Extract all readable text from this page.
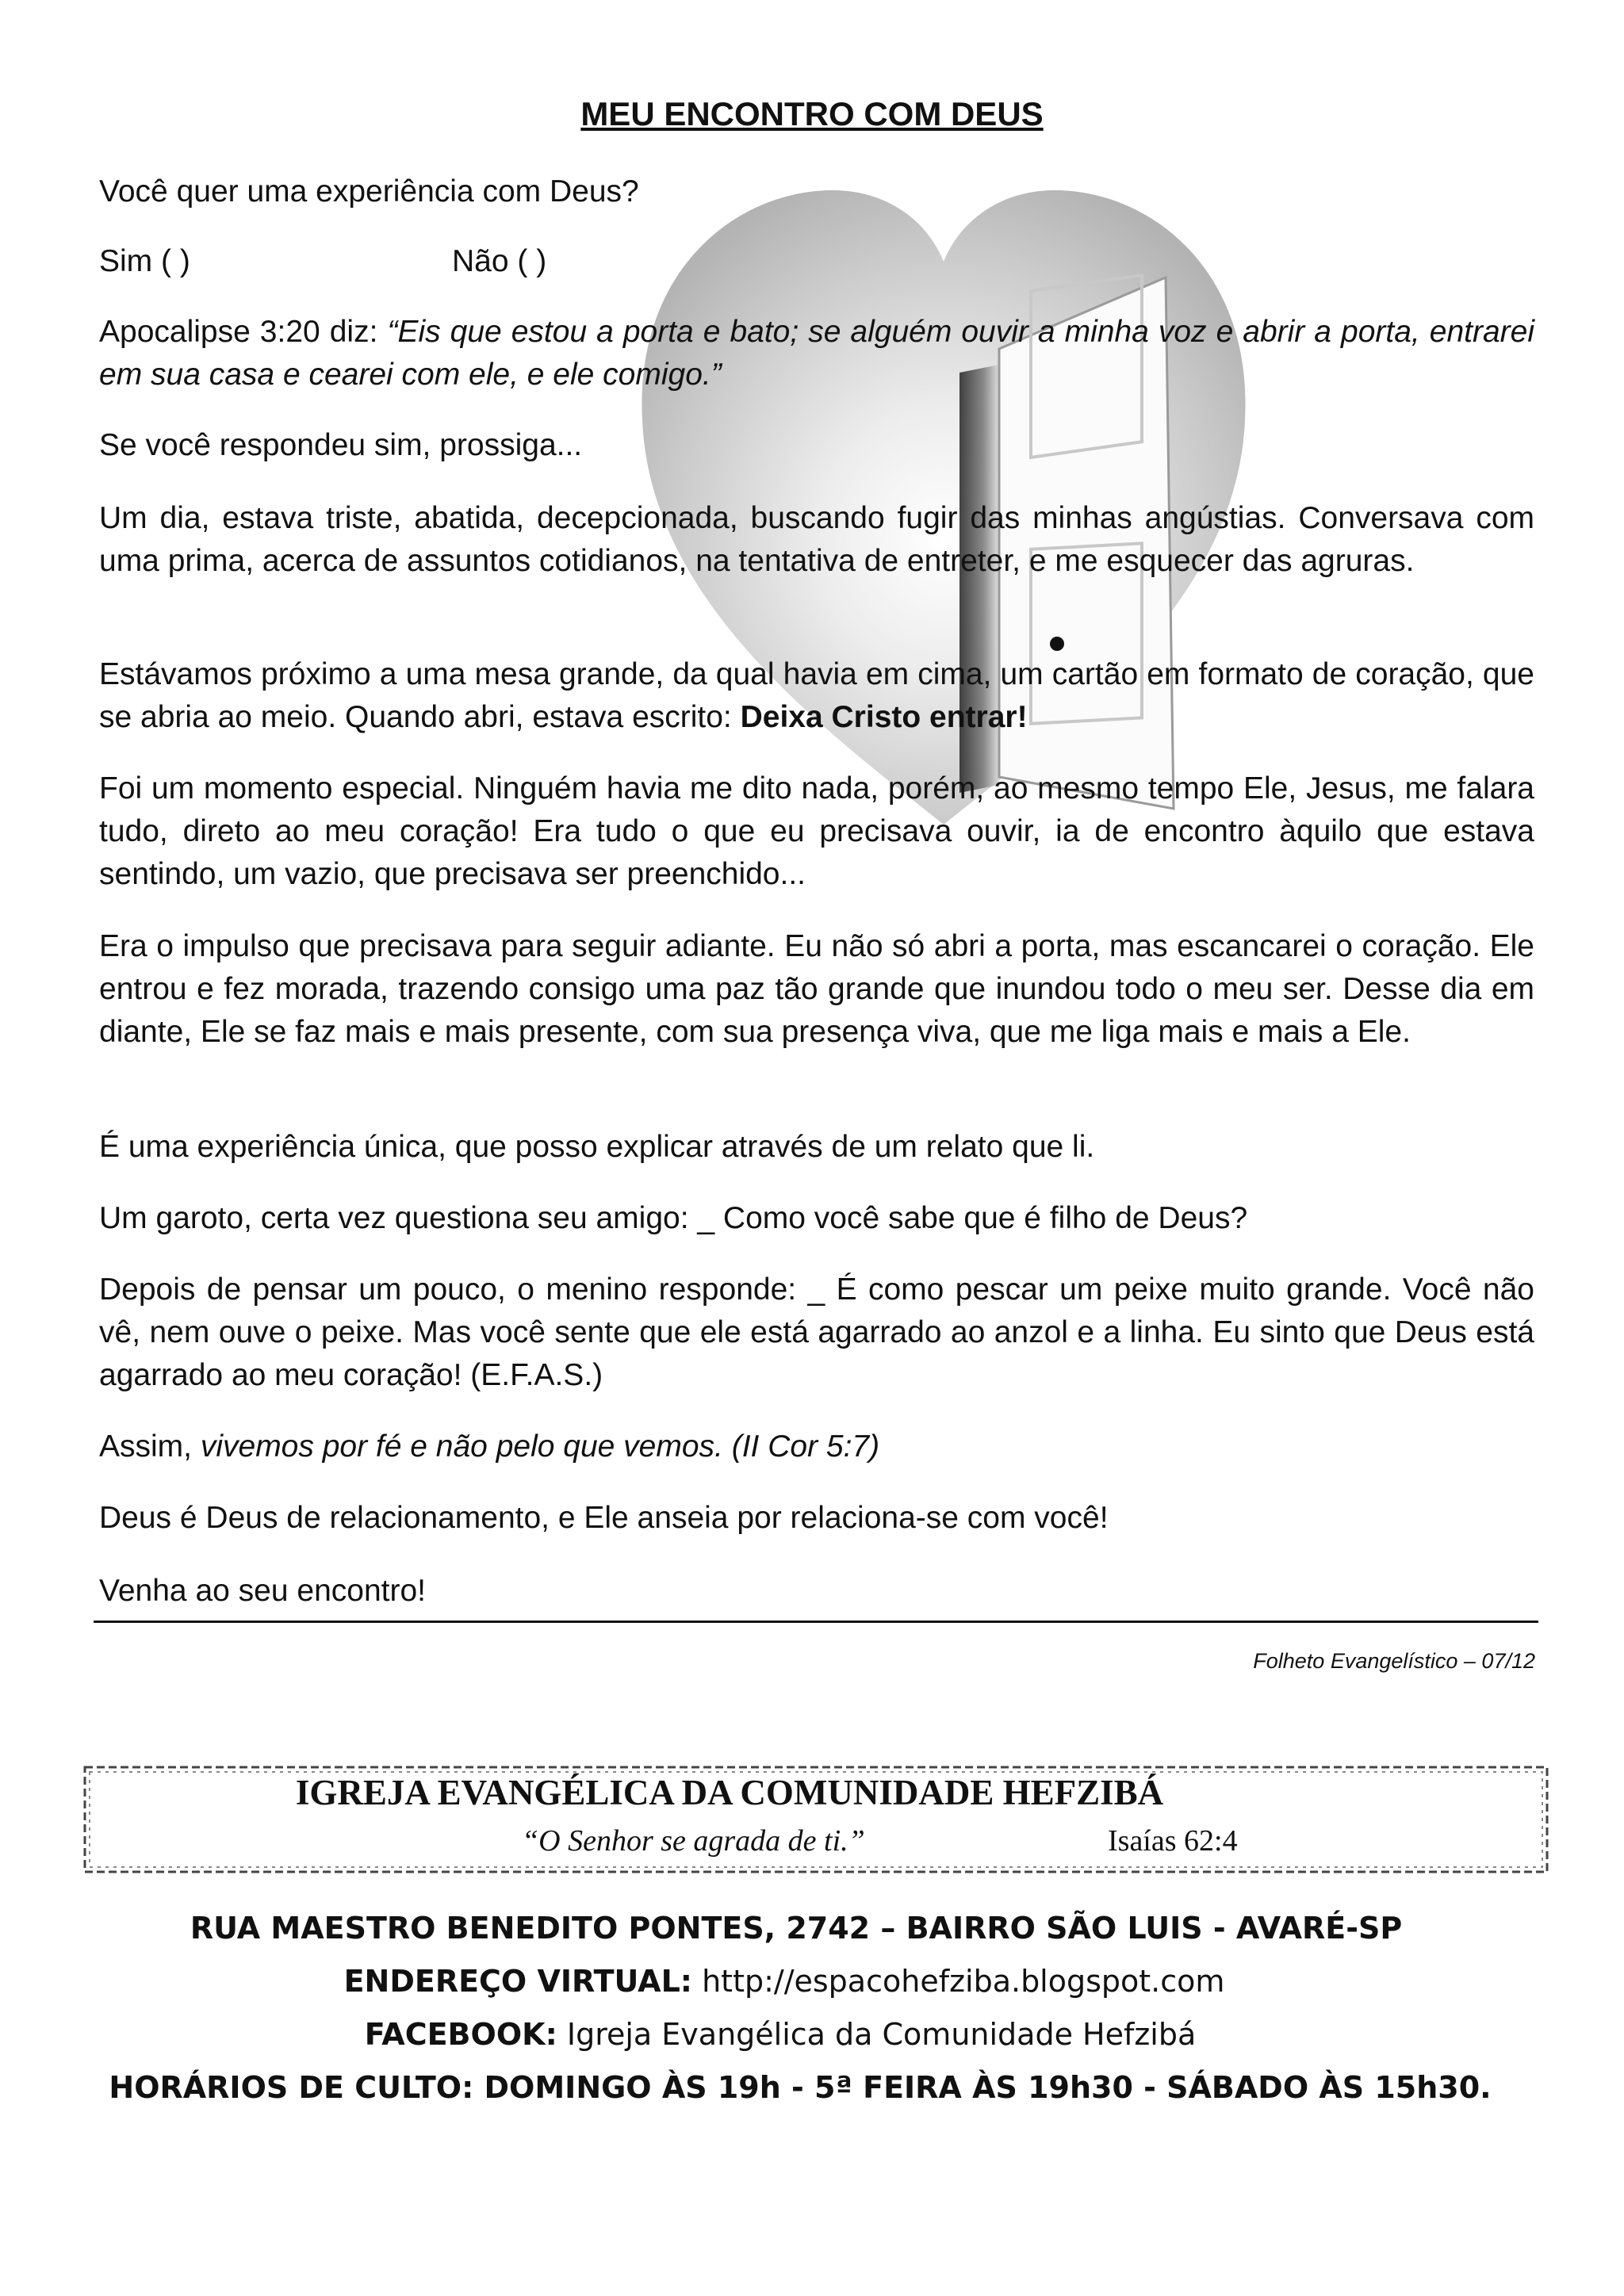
MEU ENCONTRO COM DEUS

Você quer uma experiência com Deus?

Sim ( )	Não ( )

Apocalipse 3:20 diz: “Eis que estou a porta e bato; se alguém ouvir a minha voz e abrir a porta, entrarei em sua casa e cearei com ele, e ele comigo.”

Se você respondeu sim, prossiga...

Um dia, estava triste, abatida, decepcionada, buscando fugir das minhas angústias. Conversava com uma prima, acerca de assuntos cotidianos, na tentativa de entreter, e me esquecer das agruras.

Estávamos próximo a uma mesa grande, da qual havia em cima, um cartão em formato de coração, que se abria ao meio. Quando abri, estava escrito: Deixa Cristo entrar!

Foi um momento especial. Ninguém havia me dito nada, porém, ao mesmo tempo Ele, Jesus, me falara tudo, direto ao meu coração! Era tudo o que eu precisava ouvir, ia de encontro àquilo que estava sentindo, um vazio, que precisava ser preenchido...

Era o impulso que precisava para seguir adiante. Eu não só abri a porta, mas escancarei o coração. Ele entrou e fez morada, trazendo consigo uma paz tão grande que inundou todo o meu ser. Desse dia em diante, Ele se faz mais e mais presente, com sua presença viva, que me liga mais e mais a Ele.

É uma experiência única, que posso explicar através de um relato que li.

Um garoto, certa vez questiona seu amigo: _ Como você sabe que é filho de Deus?

Depois de pensar um pouco, o menino responde: _ É como pescar um peixe muito grande. Você não vê, nem ouve o peixe. Mas você sente que ele está agarrado ao anzol e a linha. Eu sinto que Deus está agarrado ao meu coração! (E.F.A.S.)

Assim, vivemos por fé e não pelo que vemos. (II Cor 5:7)

Deus é Deus de relacionamento, e Ele anseia por relaciona-se com você!

Venha ao seu encontro!

Folheto Evangelístico – 07/12
IGREJA EVANGÉLICA DA COMUNIDADE HEFZIBÁ
“O Senhor se agrada de ti.”	Isaías 62:4
RUA MAESTRO BENEDITO PONTES, 2742 – BAIRRO SÃO LUIS - AVARÉ-SP
ENDEREÇO VIRTUAL: http://espacohefziba.blogspot.com
FACEBOOK: Igreja Evangélica da Comunidade Hefzibá
HORÁRIOS DE CULTO: DOMINGO ÀS 19h - 5ª FEIRA ÀS 19h30 - SÁBADO ÀS 15h30.
